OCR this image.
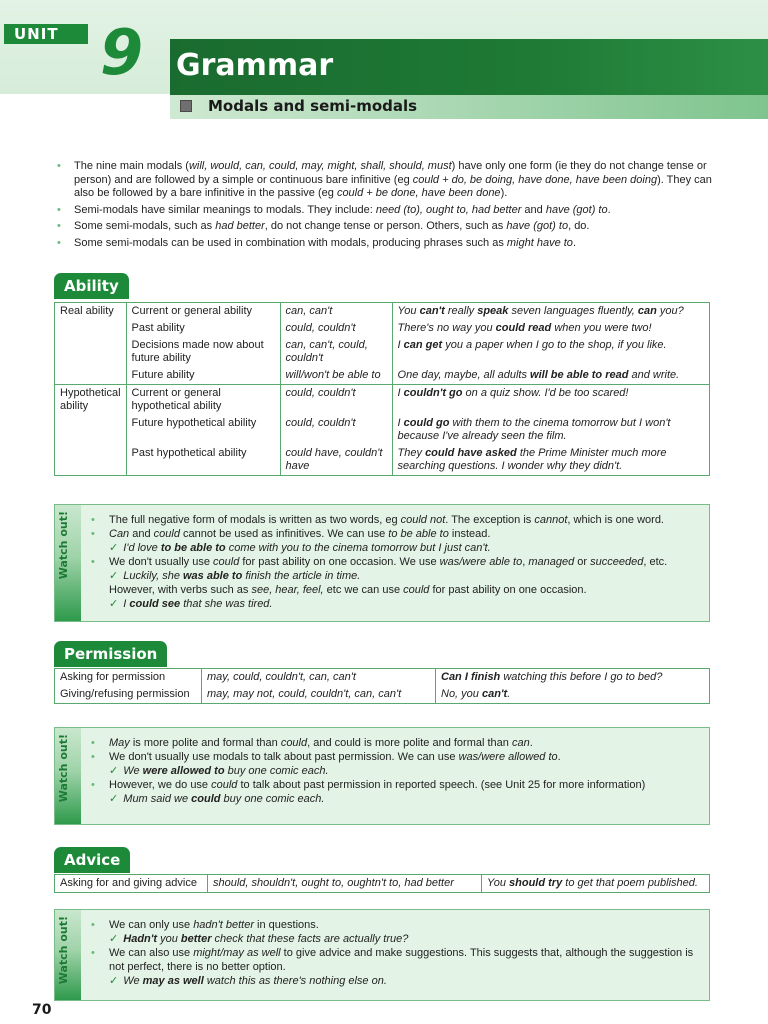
UNIT 9 Grammar
Modals and semi-modals
• The nine main modals (will, would, can, could, may, might, shall, should, must) have only one form (ie they do not change tense or person) and are followed by a simple or continuous bare infinitive (eg could + do, be doing, have done, have been doing). They can also be followed by a bare infinitive in the passive (eg could + be done, have been done).
• Semi-modals have similar meanings to modals. They include: need (to), ought to, had better and have (got) to.
• Some semi-modals, such as had better, do not change tense or person. Others, such as have (got) to, do.
• Some semi-modals can be used in combination with modals, producing phrases such as might have to.
Ability
Real ability	Current or general ability	can, can't	You can't really speak seven languages fluently, can you?
	Past ability	could, couldn't	There's no way you could read when you were two!
	Decisions made now about future ability	can, can't, could, couldn't	I can get you a paper when I go to the shop, if you like.
	Future ability	will/won't be able to	One day, maybe, all adults will be able to read and write.
Hypothetical ability	Current or general hypothetical ability	could, couldn't	I couldn't go on a quiz show. I'd be too scared!
	Future hypothetical ability	could, couldn't	I could go with them to the cinema tomorrow but I won't because I've already seen the film.
	Past hypothetical ability	could have, couldn't have	They could have asked the Prime Minister much more searching questions. I wonder why they didn't.
Watch out!	• The full negative form of modals is written as two words, eg could not. The exception is cannot, which is one word.
• Can and could cannot be used as infinitives. We can use to be able to instead.
✓ I'd love to be able to come with you to the cinema tomorrow but I just can't.
• We don't usually use could for past ability on one occasion. We use was/were able to, managed or succeeded, etc.
✓ Luckily, she was able to finish the article in time.
However, with verbs such as see, hear, feel, etc we can use could for past ability on one occasion.
✓ I could see that she was tired.
Permission
Asking for permission	may, could, couldn't, can, can't	Can I finish watching this before I go to bed?
Giving/refusing permission	may, may not, could, couldn't, can, can't	No, you can't.
Watch out!	• May is more polite and formal than could, and could is more polite and formal than can.
• We don't usually use modals to talk about past permission. We can use was/were allowed to.
✓ We were allowed to buy one comic each.
• However, we do use could to talk about past permission in reported speech. (see Unit 25 for more information)
✓ Mum said we could buy one comic each.
Advice
Asking for and giving advice	should, shouldn't, ought to, oughtn't to, had better	You should try to get that poem published.
Watch out!	• We can only use hadn't better in questions.
✓ Hadn't you better check that these facts are actually true?
• We can also use might/may as well to give advice and make suggestions. This suggests that, although the suggestion is not perfect, there is no better option.
✓ We may as well watch this as there's nothing else on.
70
